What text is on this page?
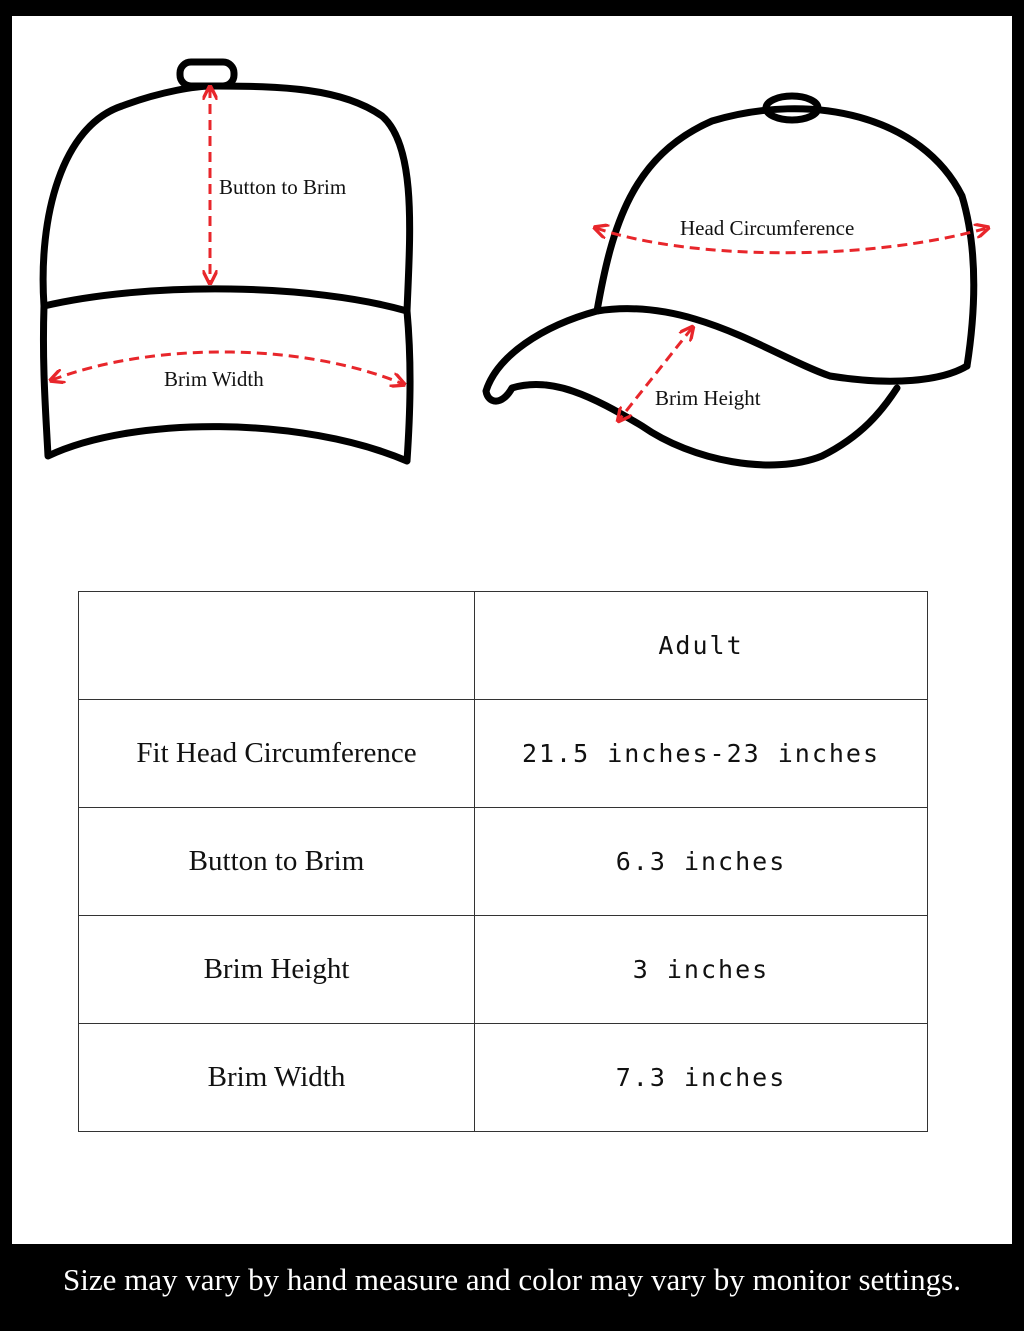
Button to Brim
Brim Width
Head Circumference
Brim Height
	Adult
Fit Head Circumference	21.5 inches-23 inches
Button to Brim	6.3 inches
Brim Height	3 inches
Brim Width	7.3 inches
Size may vary by hand measure and color may vary by monitor settings.
